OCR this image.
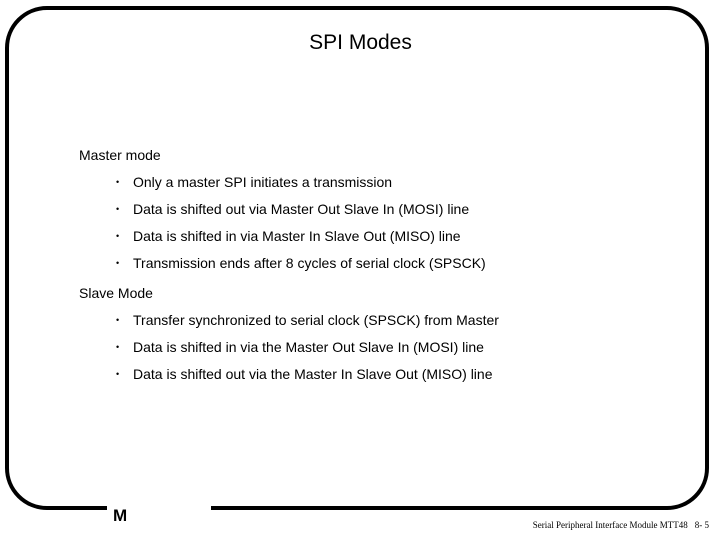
SPI Modes
Master mode
• Only a master SPI initiates a transmission
• Data is shifted out via Master Out Slave In (MOSI) line
• Data is shifted in via Master In Slave Out (MISO) line
• Transmission ends after 8 cycles of serial clock (SPSCK)
Slave Mode
• Transfer synchronized to serial clock (SPSCK) from Master
• Data is shifted in via the Master Out Slave In (MOSI) line
• Data is shifted out via the Master In Slave Out (MISO) line
M	Serial Peripheral Interface Module MTT48 8- 5
